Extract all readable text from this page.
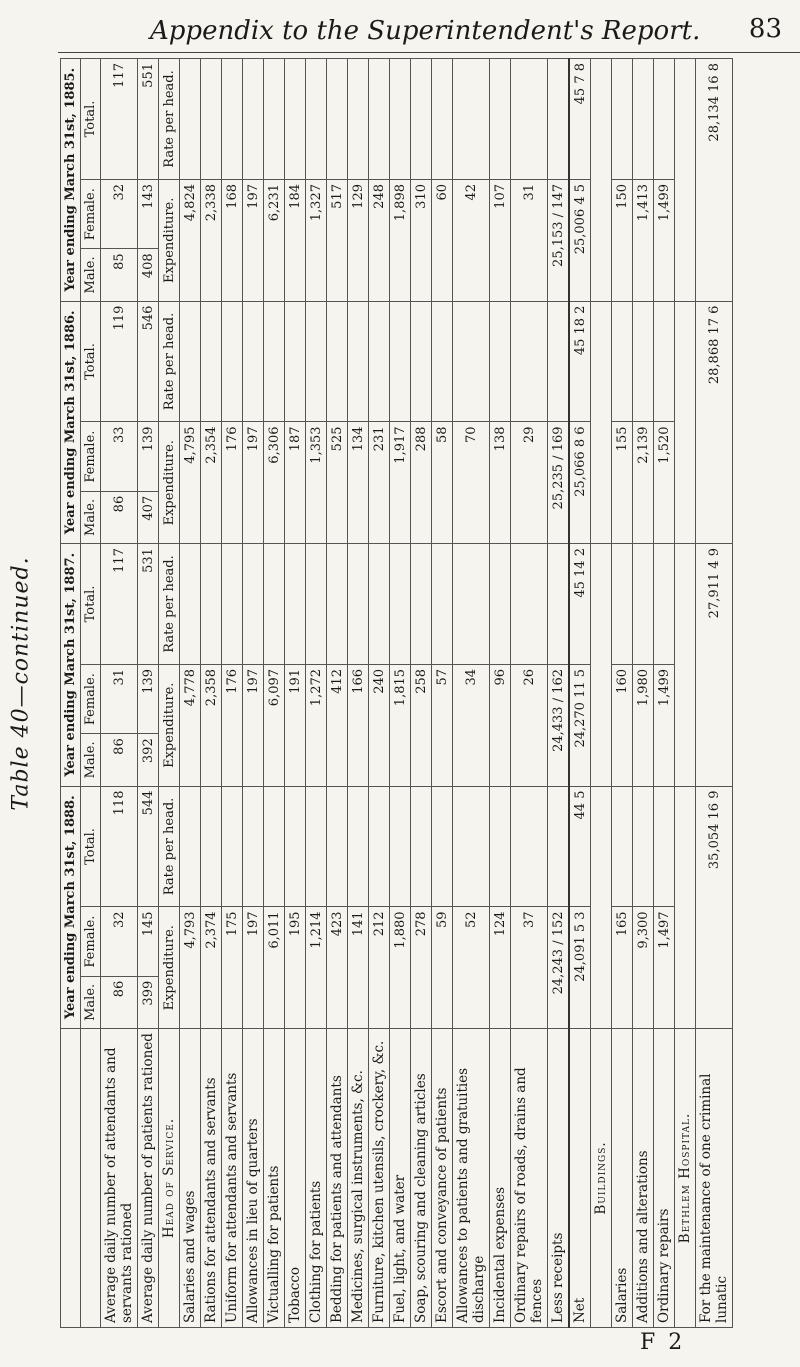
Table 40—continued.
Appendix to the Superintendent's Report. 83
	Year ending March 31st, 1888.			Year ending March 31st, 1887.			Year ending March 31st, 1886.			Year ending March 31st, 1885.		
	Male.	Female.	Total.	Male.	Female.	Total.	Male.	Female.	Total.	Male.	Female.	Total.
Average daily number of attendants and servants rationed	86	32	118	86	31	117	86	33	119	85	32	117
Average daily number of patients rationed	399	145	544	392	139	531	407	139	546	408	143	551
Head of Service.	Expenditure.		Rate per head.	Expenditure.		Rate per head.	Expenditure.		Rate per head.	Expenditure.		Rate per head.
Salaries and wages	4,793			4,778			4,795			4,824		
Rations for attendants and servants	2,374			2,358			2,354			2,338		
Uniform for attendants and servants	175			176			176			168		
Allowances in lieu of quarters	197			197			197			197		
Victualling for patients	6,011			6,097			6,306			6,231		
Tobacco	195			191			187			184		
Clothing for patients	1,214			1,272			1,353			1,327		
Bedding for patients and attendants	423			412			525			517		
Medicines, surgical instruments, &c.	141			166			134			129		
Furniture, kitchen utensils, crockery, &c.	212			240			231			248		
Fuel, light, and water	1,880			1,815			1,917			1,898		
Soap, scouring and cleaning articles	278			258			288			310		
Escort and conveyance of patients	59			57			58			60		
Allowances to patients and gratuities discharge	52			34			70			42		
Incidental expenses	124			96			138			107		
Ordinary repairs of roads, drains and fences	37			26			29			31		
Less receipts	24,243 / 152			24,433 / 162			25,235 / 169			25,153 / 147		
Net	24,091 5 3		44 5	24,270 11 5		45 14 2	25,066 8 6		45 18 2	25,006 4 5		45 7 8
Buildings.												
Salaries	165			160			155			150		
Additions and alterations	9,300			1,980			2,139			1,413		
Ordinary repairs	1,497			1,499			1,520			1,499		
Bethlem Hospital.												
For the maintenance of one criminal lunatic	35,054 16 9			27,911 4 9			28,868 17 6			28,134 16 8		
F 2
